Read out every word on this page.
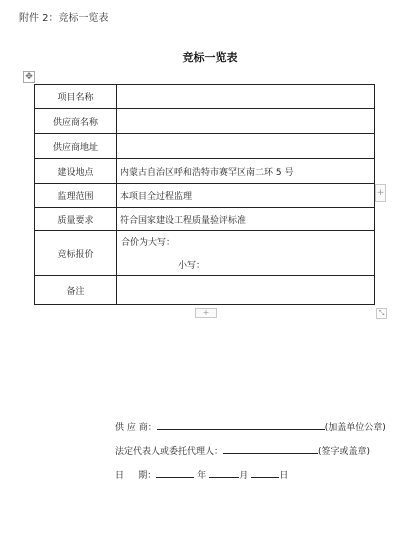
附件 2：竞标一览表
竞标一览表
✥
项目名称	
供应商名称	
供应商地址	
建设地点	内蒙古自治区呼和浩特市赛罕区南二环 5 号
监理范围	本项目全过程监理
质量要求	符合国家建设工程质量验评标准
竞标报价	合价为大写：
小写：

备注	
+
+	⤡
供 应 商：	(加盖单位公章)
法定代表人或委托代理人：	(签字或盖章)
日     期：	年	月	日
